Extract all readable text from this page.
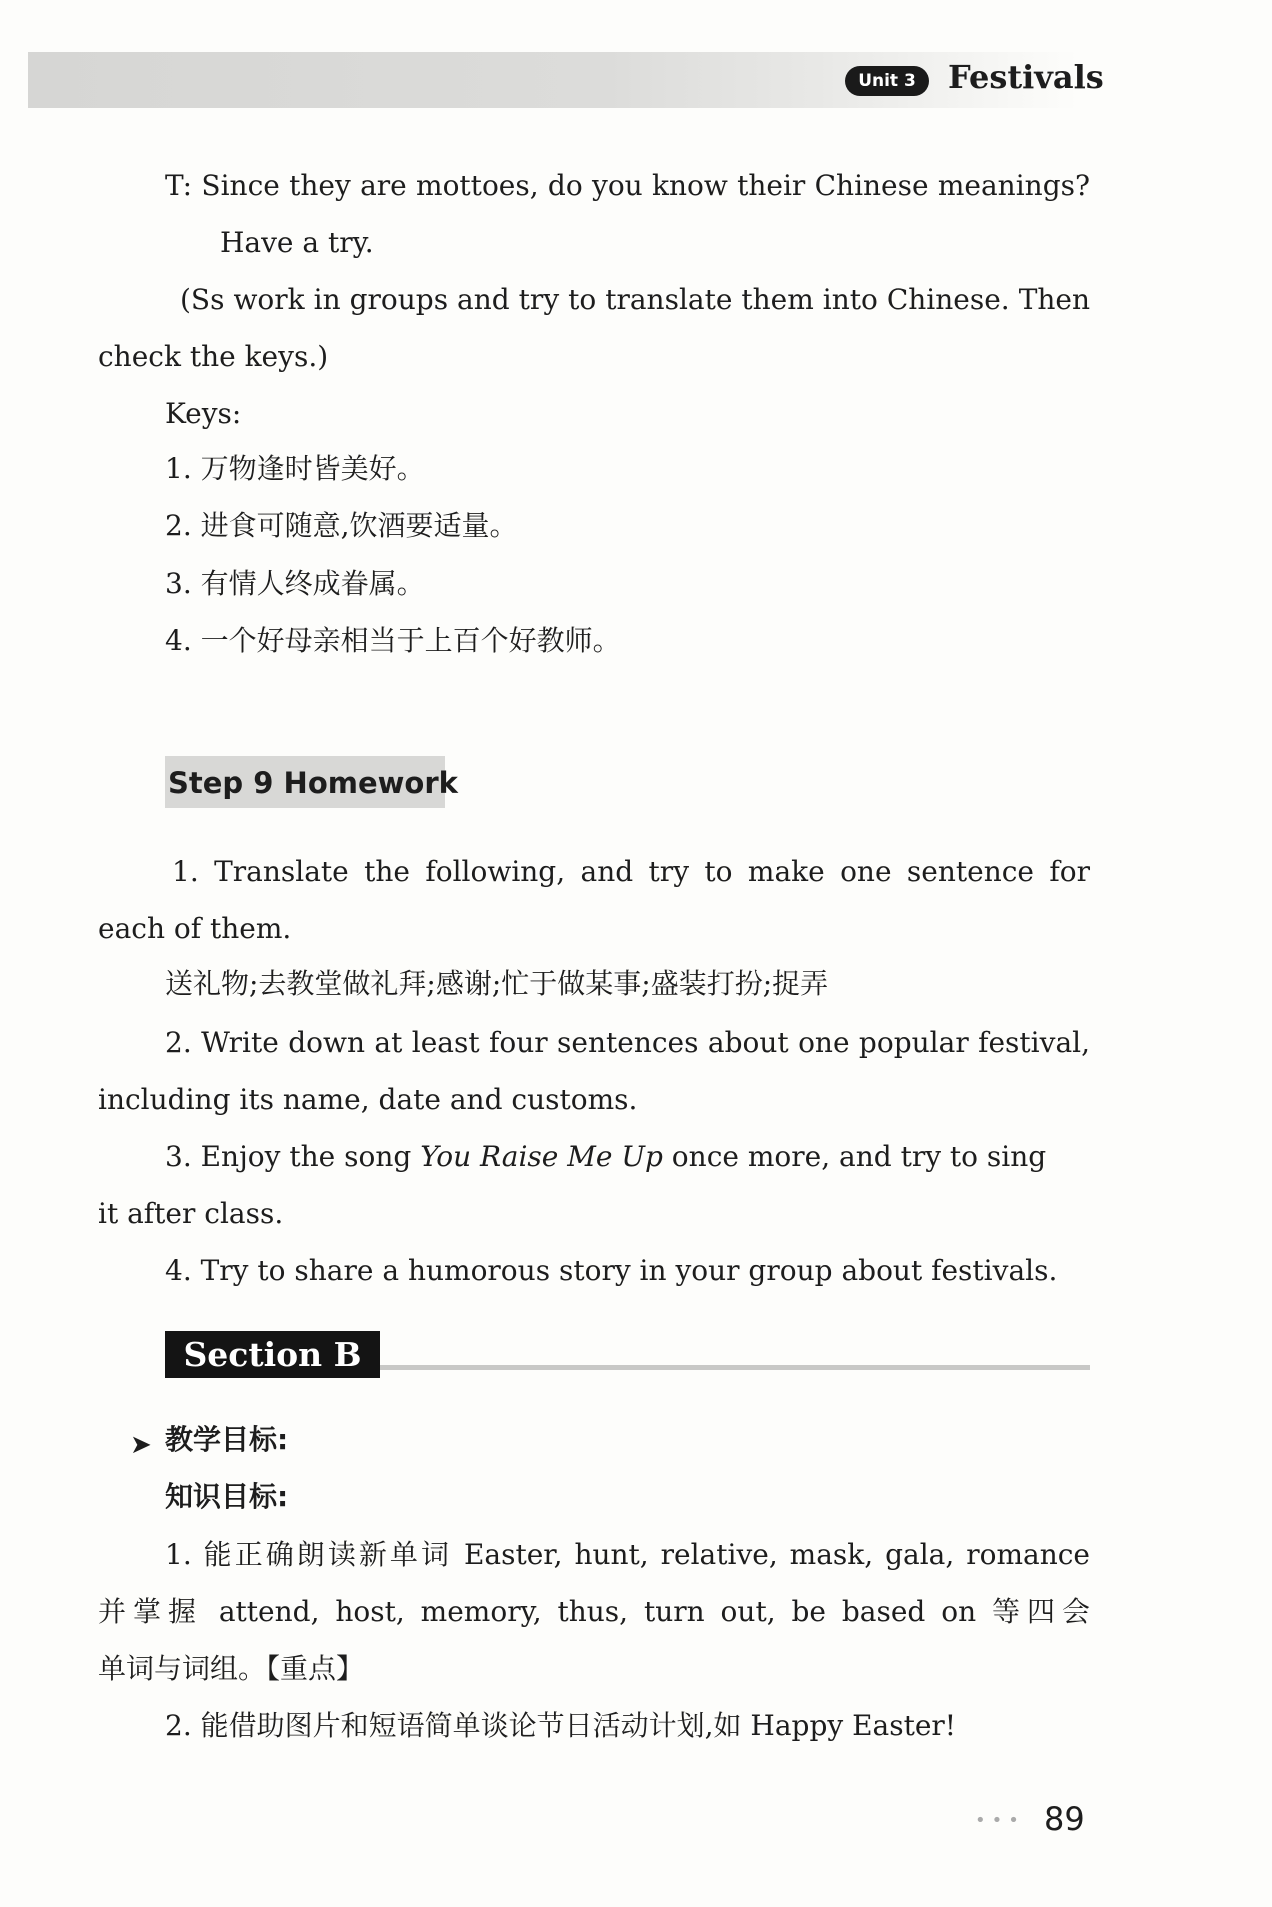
Unit 3	Festivals
T: Since they are mottoes, do you know their Chinese meanings?
Have a try.
(Ss work in groups and try to translate them into Chinese. Then
check the keys.)
Keys:
1. 万物逢时皆美好。
2. 进食可随意,饮酒要适量。
3. 有情人终成眷属。
4. 一个好母亲相当于上百个好教师。
Step 9 Homework
1. Translate the following, and try to make one sentence for
each of them.
送礼物;去教堂做礼拜;感谢;忙于做某事;盛装打扮;捉弄
2. Write down at least four sentences about one popular festival,
including its name, date and customs.
3. Enjoy the song You Raise Me Up once more, and try to sing
it after class.
4. Try to share a humorous story in your group about festivals.
Section B
➤ 教学目标:
知识目标:
1. 能正确朗读新单词 Easter, hunt, relative, mask, gala, romance
并掌握 attend, host, memory, thus, turn out, be based on 等四会
单词与词组。【重点】
2. 能借助图片和短语简单谈论节日活动计划,如 Happy Easter!
••• 89
